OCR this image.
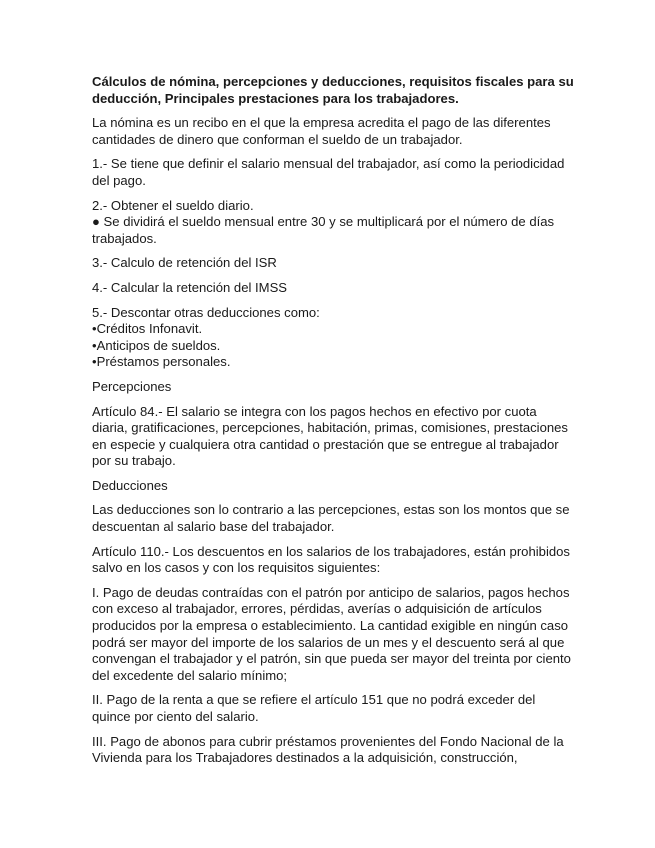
Cálculos de nómina, percepciones y deducciones, requisitos fiscales para su
deducción, Principales prestaciones para los trabajadores.
La nómina es un recibo en el que la empresa acredita el pago de las diferentes
cantidades de dinero que conforman el sueldo de un trabajador.
1.- Se tiene que definir el salario mensual del trabajador, así como la periodicidad
del pago.
2.- Obtener el sueldo diario.
● Se dividirá el sueldo mensual entre 30 y se multiplicará por el número de días
trabajados.
3.- Calculo de retención del ISR
4.- Calcular la retención del IMSS
5.- Descontar otras deducciones como:
•Créditos Infonavit.
•Anticipos de sueldos.
•Préstamos personales.
Percepciones
Artículo 84.- El salario se integra con los pagos hechos en efectivo por cuota
diaria, gratificaciones, percepciones, habitación, primas, comisiones, prestaciones
en especie y cualquiera otra cantidad o prestación que se entregue al trabajador
por su trabajo.
Deducciones
Las deducciones son lo contrario a las percepciones, estas son los montos que se
descuentan al salario base del trabajador.
Artículo 110.- Los descuentos en los salarios de los trabajadores, están prohibidos
salvo en los casos y con los requisitos siguientes:
I. Pago de deudas contraídas con el patrón por anticipo de salarios, pagos hechos
con exceso al trabajador, errores, pérdidas, averías o adquisición de artículos
producidos por la empresa o establecimiento. La cantidad exigible en ningún caso
podrá ser mayor del importe de los salarios de un mes y el descuento será al que
convengan el trabajador y el patrón, sin que pueda ser mayor del treinta por ciento
del excedente del salario mínimo;
II. Pago de la renta a que se refiere el artículo 151 que no podrá exceder del
quince por ciento del salario.
III. Pago de abonos para cubrir préstamos provenientes del Fondo Nacional de la
Vivienda para los Trabajadores destinados a la adquisición, construcción,
